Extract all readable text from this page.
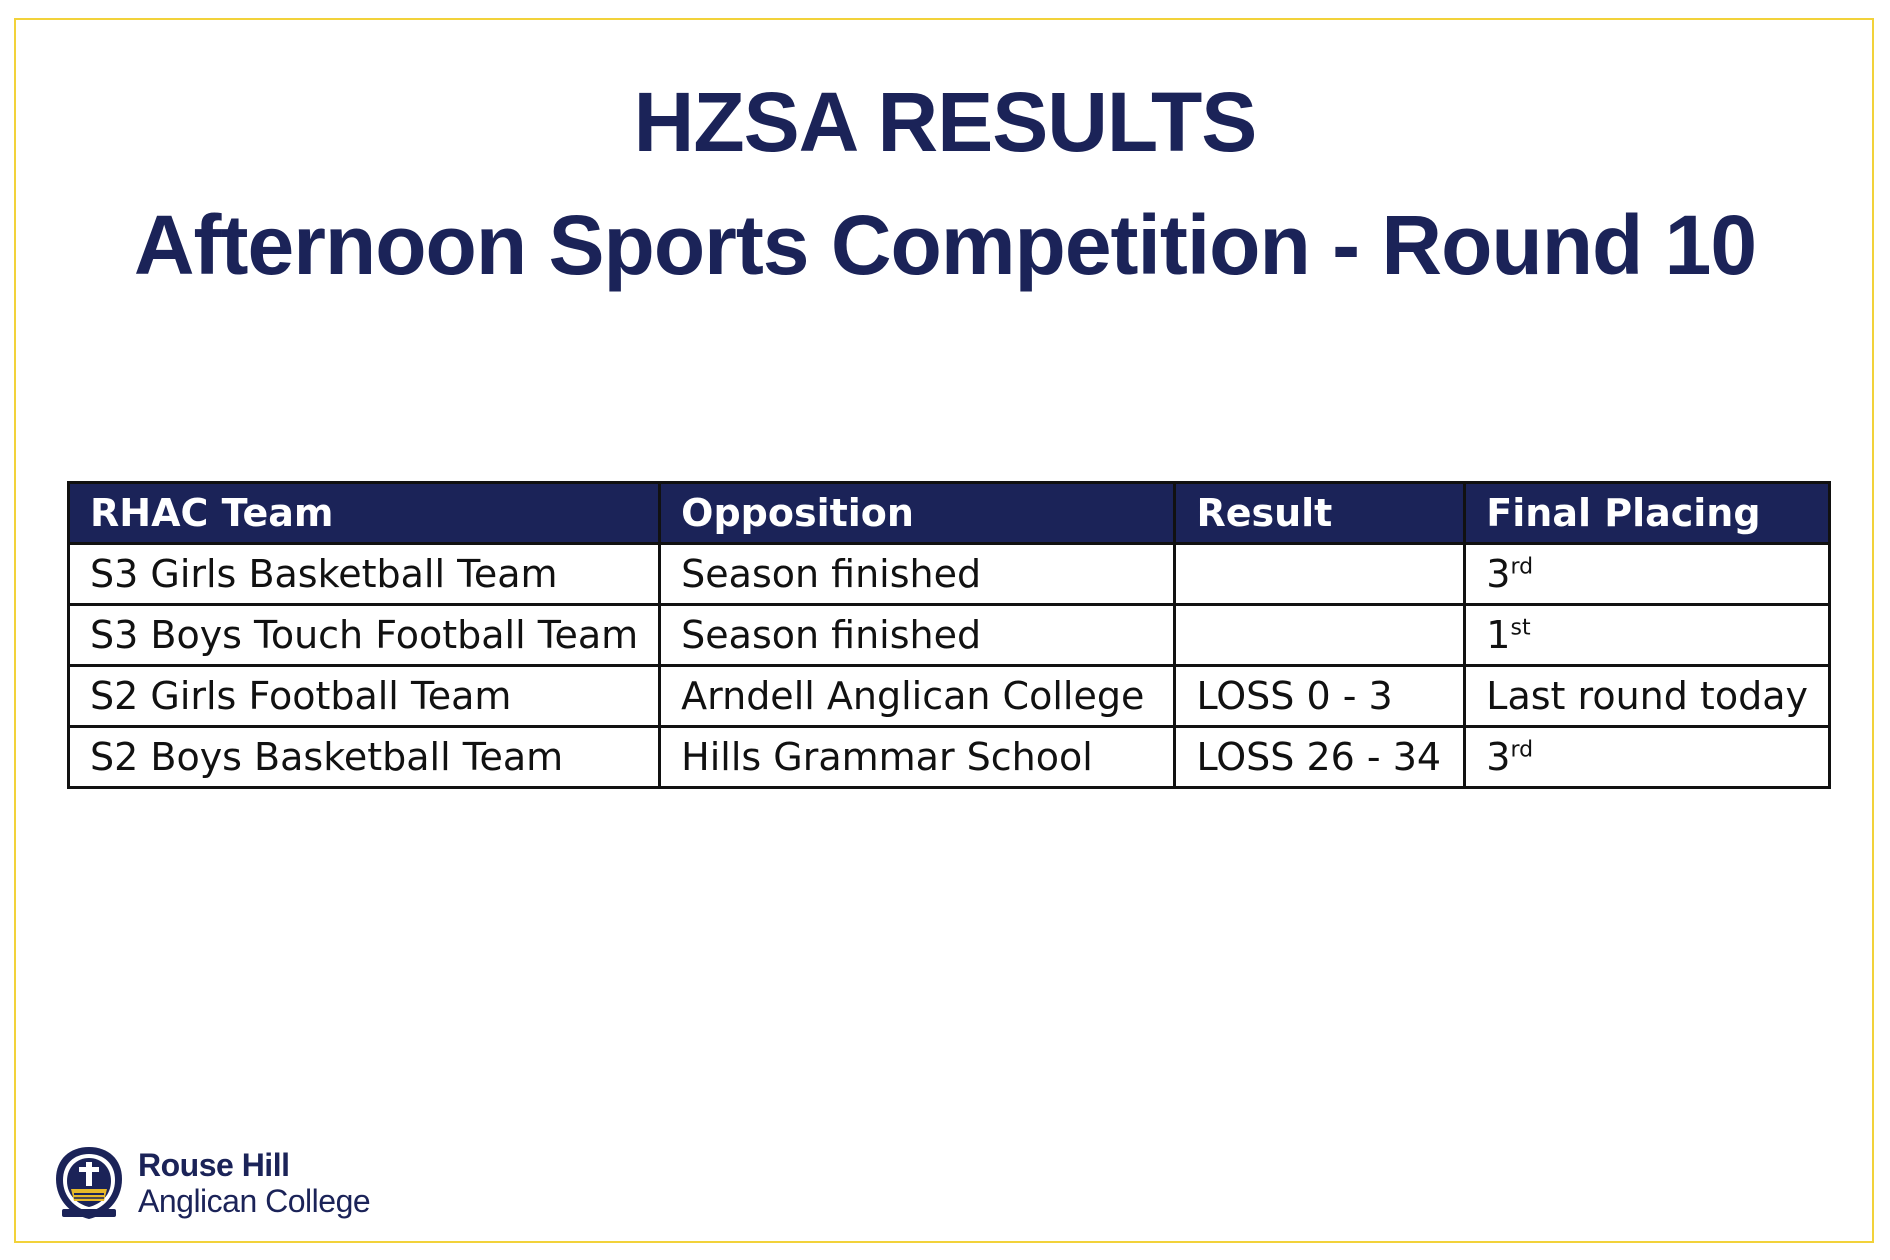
HZSA RESULTS
Afternoon Sports Competition - Round 10
RHAC Team	Opposition	Result	Final Placing
S3 Girls Basketball Team	Season finished		3rd
S3 Boys Touch Football Team	Season finished		1st
S2 Girls Football Team	Arndell Anglican College	LOSS 0 - 3	Last round today
S2 Boys Basketball Team	Hills Grammar School	LOSS 26 - 34	3rd
Rouse Hill
Anglican College
